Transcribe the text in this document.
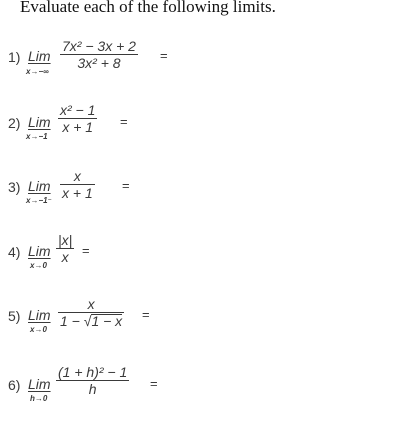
Evaluate each of the following limits.
1) Lim
x→−∞
7x² − 3x + 2
3x² + 8	=
2) Lim
x→−1
x² − 1
x + 1 =
3) Lim
x→−1⁻
x
x + 1 =
4) Lim
x→0
|x|
x =
5) Lim
x→0
x
1 − √1 − x =
6) Lim
h→0
(1 + h)² − 1
h	=
